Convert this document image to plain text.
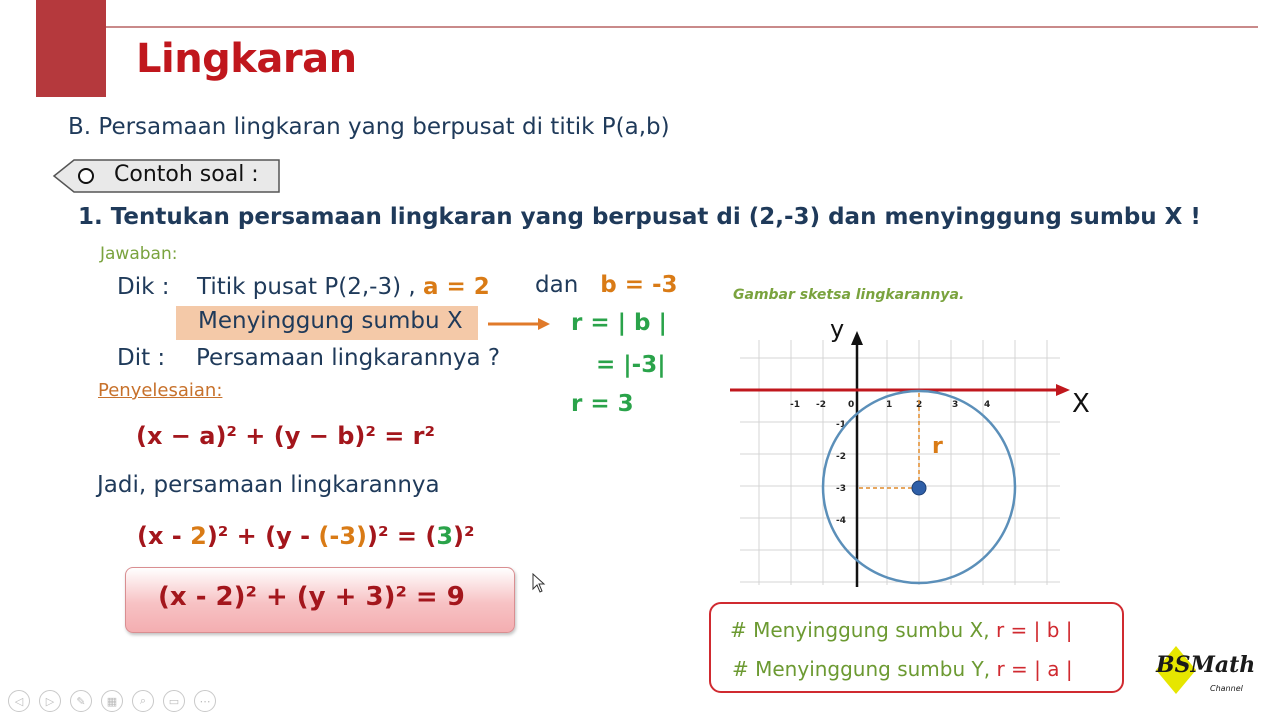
Lingkaran
B. Persamaan lingkaran yang berpusat di titik P(a,b)
Contoh soal :
1. Tentukan persamaan lingkaran yang berpusat di (2,-3) dan menyinggung sumbu X !
Jawaban:
Dik : Titik pusat P(2,-3) , a = 2 dan b = -3
Menyinggung sumbu X	r = | b |
= |-3|
r = 3
Dit : Persamaan lingkarannya ?
Penyelesaian:
(x − a)² + (y − b)² = r²
Jadi, persamaan lingkarannya
(x - 2)² + (y - (-3))² = (3)²
(x - 2)² + (y + 3)² = 9
Gambar sketsa lingkarannya.
-1 -2 0	1	2	3	4
-1
-2
-3
-4
X
y
r
# Menyinggung sumbu X, r = | b |
# Menyinggung sumbu Y, r = | a |	BSMath
Channel
◁	▷	✎	▦	⌕	▭	⋯
